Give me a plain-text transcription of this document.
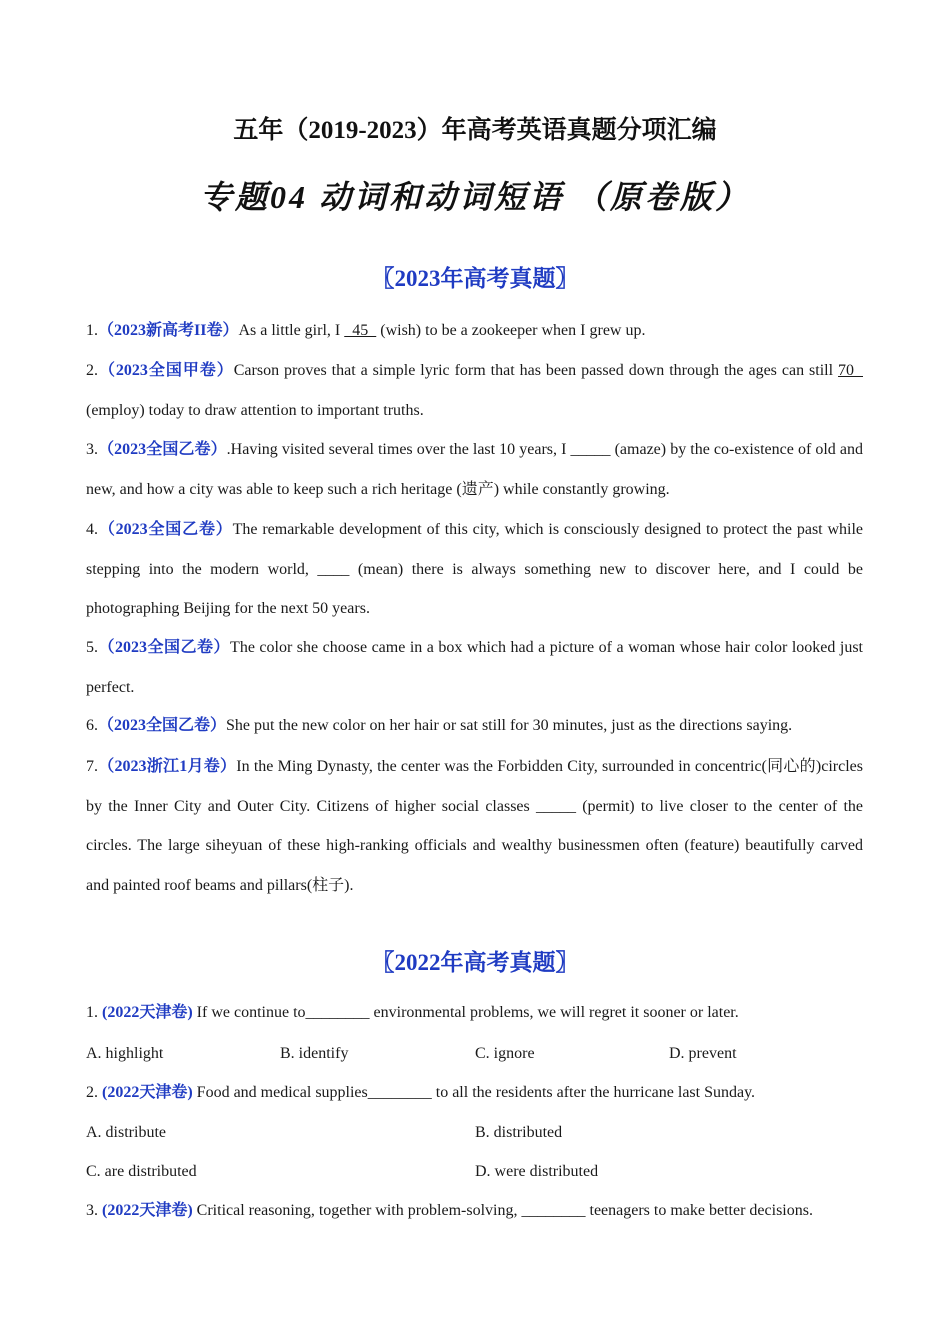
五年（2019-2023）年高考英语真题分项汇编
专题04 动词和动词短语 （原卷版）
〖2023年高考真题〗
1.（2023新高考II卷）As a little girl, I   45   (wish) to be a zookeeper when I grew up.
2.（2023全国甲卷）Carson proves that a simple lyric form that has been passed down through the ages can still 70   (employ) today to draw attention to important truths.
3.（2023全国乙卷）.Having visited several times over the last 10 years, I _____ (amaze) by the co-existence of old and new, and how a city was able to keep such a rich heritage (遗产) while constantly growing.
4.（2023全国乙卷）The remarkable development of this city, which is consciously designed to protect the past while stepping into the modern world, ____ (mean) there is always something new to discover here, and I could be photographing Beijing for the next 50 years.
5.（2023全国乙卷）The color she choose came in a box which had a picture of a woman whose hair color looked just perfect.
6.（2023全国乙卷）She put the new color on her hair or sat still for 30 minutes, just as the directions saying.
7.（2023浙江1月卷）In the Ming Dynasty, the center was the Forbidden City, surrounded in concentric(同心的)circles by the Inner City and Outer City. Citizens of higher social classes _____ (permit) to live closer to the center of the circles. The large siheyuan of these high-ranking officials and wealthy businessmen often (feature) beautifully carved and painted roof beams and pillars(柱子).
〖2022年高考真题〗
1. (2022天津卷) If we continue to________ environmental problems, we will regret it sooner or later.
A. highlight	B. identify	C. ignore	D. prevent
2. (2022天津卷) Food and medical supplies________ to all the residents after the hurricane last Sunday.
A. distribute	B. distributed
C. are distributed	D. were distributed
3. (2022天津卷) Critical reasoning, together with problem-solving, ________ teenagers to make better decisions.
